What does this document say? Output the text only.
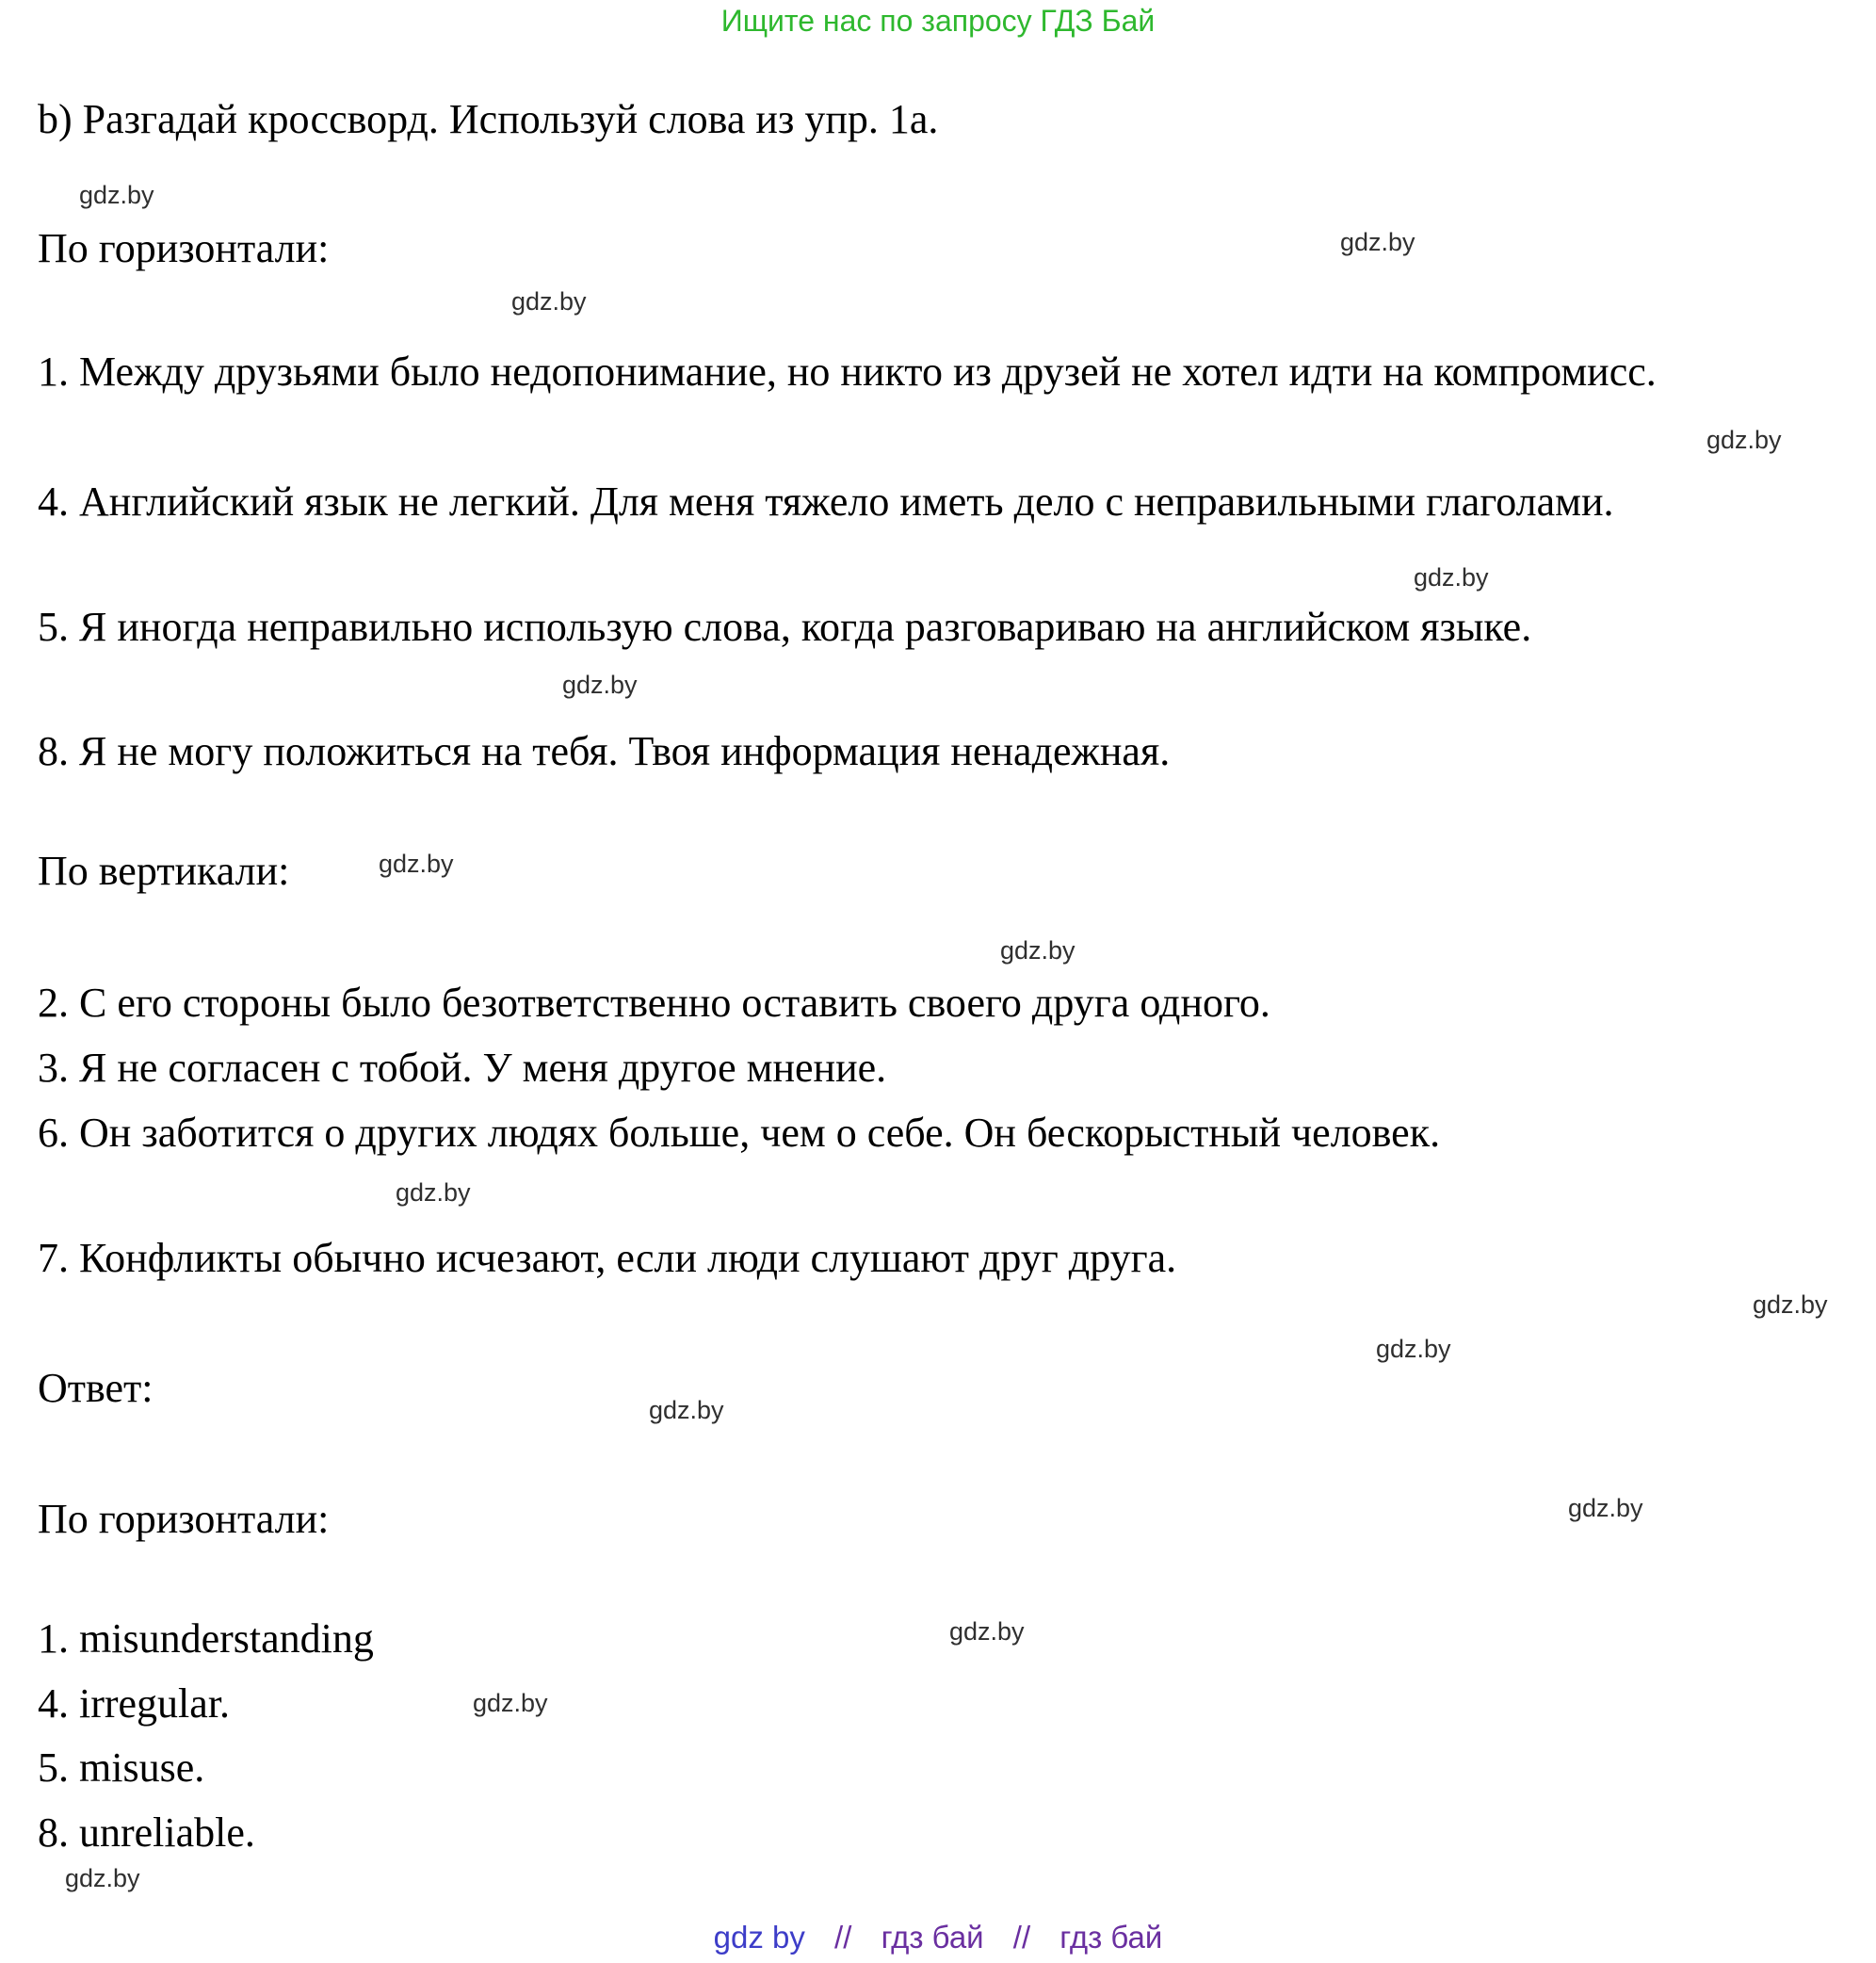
Ищите нас по запросу ГДЗ Бай
b) Разгадай кроссворд. Используй слова из упр. 1a.
По горизонтали:
1. Между друзьями было недопонимание, но никто из друзей не хотел идти на компромисс.
4. Английский язык не легкий. Для меня тяжело иметь дело с неправильными глаголами.
5. Я иногда неправильно использую слова, когда разговариваю на английском языке.
8. Я не могу положиться на тебя. Твоя информация ненадежная.
По вертикали:
2. С его стороны было безответственно оставить своего друга одного.
3. Я не согласен с тобой. У меня другое мнение.
6. Он заботится о других людях больше, чем о себе. Он бескорыстный человек.
7. Конфликты обычно исчезают, если люди слушают друг друга.
Ответ:
По горизонтали:
1. misunderstanding
4. irregular.
5. misuse.
8. unreliable.
gdz.by
gdz.by
gdz.by
gdz.by
gdz.by
gdz.by
gdz.by
gdz.by
gdz.by
gdz.by
gdz.by
gdz.by
gdz.by
gdz.by
gdz.by
gdz.by
gdz by // гдз бай // гдз бай
